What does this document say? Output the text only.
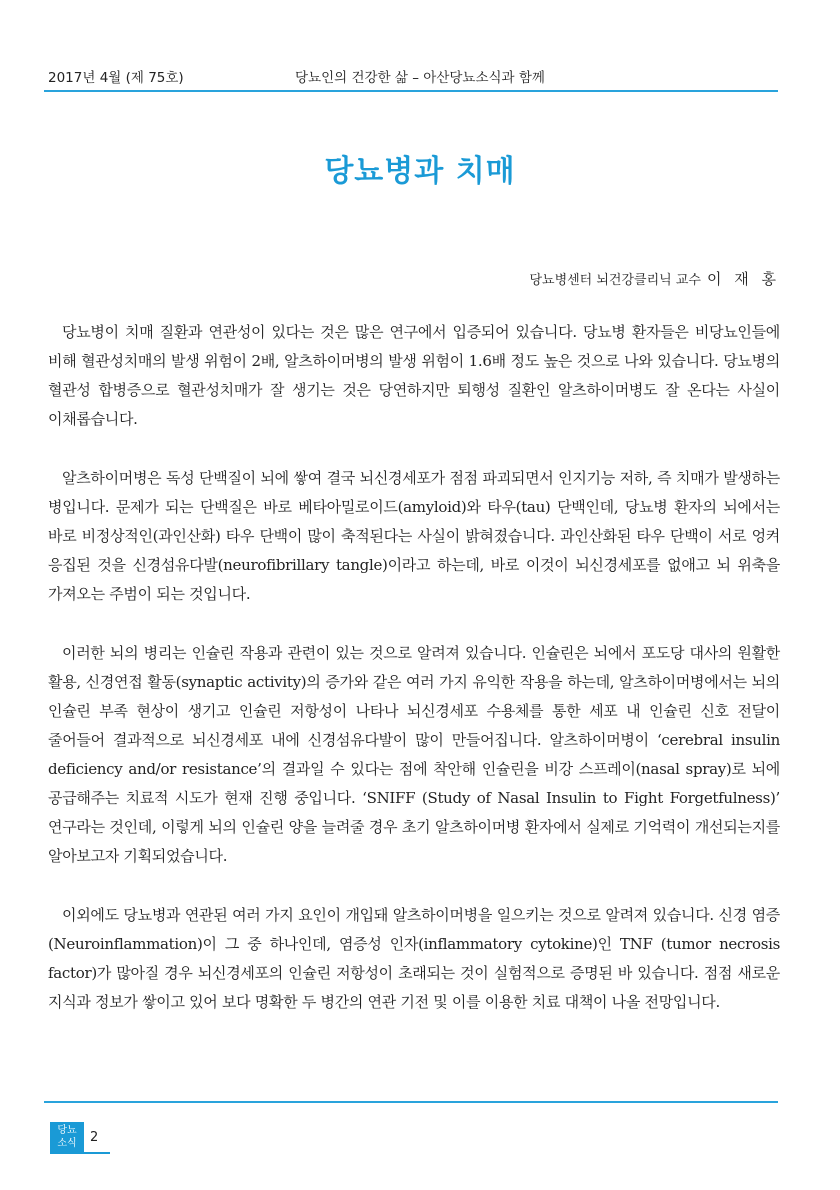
2017년 4월 (제 75호)	당뇨인의 건강한 삶 – 아산당뇨소식과 함께
당뇨병과 치매
당뇨병센터 뇌건강클리닉 교수 이 재 홍

당뇨병이 치매 질환과 연관성이 있다는 것은 많은 연구에서 입증되어 있습니다. 당뇨병 환자들은 비당뇨인들에 비해 혈관성치매의 발생 위험이 2배, 알츠하이머병의 발생 위험이 1.6배 정도 높은 것으로 나와 있습니다. 당뇨병의 혈관성 합병증으로 혈관성치매가 잘 생기는 것은 당연하지만 퇴행성 질환인 알츠하이머병도 잘 온다는 사실이 이채롭습니다.

알츠하이머병은 독성 단백질이 뇌에 쌓여 결국 뇌신경세포가 점점 파괴되면서 인지기능 저하, 즉 치매가 발생하는 병입니다. 문제가 되는 단백질은 바로 베타아밀로이드(amyloid)와 타우(tau) 단백인데, 당뇨병 환자의 뇌에서는 바로 비정상적인(과인산화) 타우 단백이 많이 축적된다는 사실이 밝혀졌습니다. 과인산화된 타우 단백이 서로 엉켜 응집된 것을 신경섬유다발(neurofibrillary tangle)이라고 하는데, 바로 이것이 뇌신경세포를 없애고 뇌 위축을 가져오는 주범이 되는 것입니다.

이러한 뇌의 병리는 인슐린 작용과 관련이 있는 것으로 알려져 있습니다. 인슐린은 뇌에서 포도당 대사의 원활한 활용, 신경연접 활동(synaptic activity)의 증가와 같은 여러 가지 유익한 작용을 하는데, 알츠하이머병에서는 뇌의 인슐린 부족 현상이 생기고 인슐린 저항성이 나타나 뇌신경세포 수용체를 통한 세포 내 인슐린 신호 전달이 줄어들어 결과적으로 뇌신경세포 내에 신경섬유다발이 많이 만들어집니다. 알츠하이머병이 ‘cerebral insulin deficiency and/or resistance’의 결과일 수 있다는 점에 착안해 인슐린을 비강 스프레이(nasal spray)로 뇌에 공급해주는 치료적 시도가 현재 진행 중입니다. ‘SNIFF (Study of Nasal Insulin to Fight Forgetfulness)’ 연구라는 것인데, 이렇게 뇌의 인슐린 양을 늘려줄 경우 초기 알츠하이머병 환자에서 실제로 기억력이 개선되는지를 알아보고자 기획되었습니다.

이외에도 당뇨병과 연관된 여러 가지 요인이 개입돼 알츠하이머병을 일으키는 것으로 알려져 있습니다. 신경 염증(Neuroinflammation)이 그 중 하나인데, 염증성 인자(inflammatory cytokine)인 TNF (tumor necrosis factor)가 많아질 경우 뇌신경세포의 인슐린 저항성이 초래되는 것이 실험적으로 증명된 바 있습니다. 점점 새로운 지식과 정보가 쌓이고 있어 보다 명확한 두 병간의 연관 기전 및 이를 이용한 치료 대책이 나올 전망입니다.

당뇨
소식	2
